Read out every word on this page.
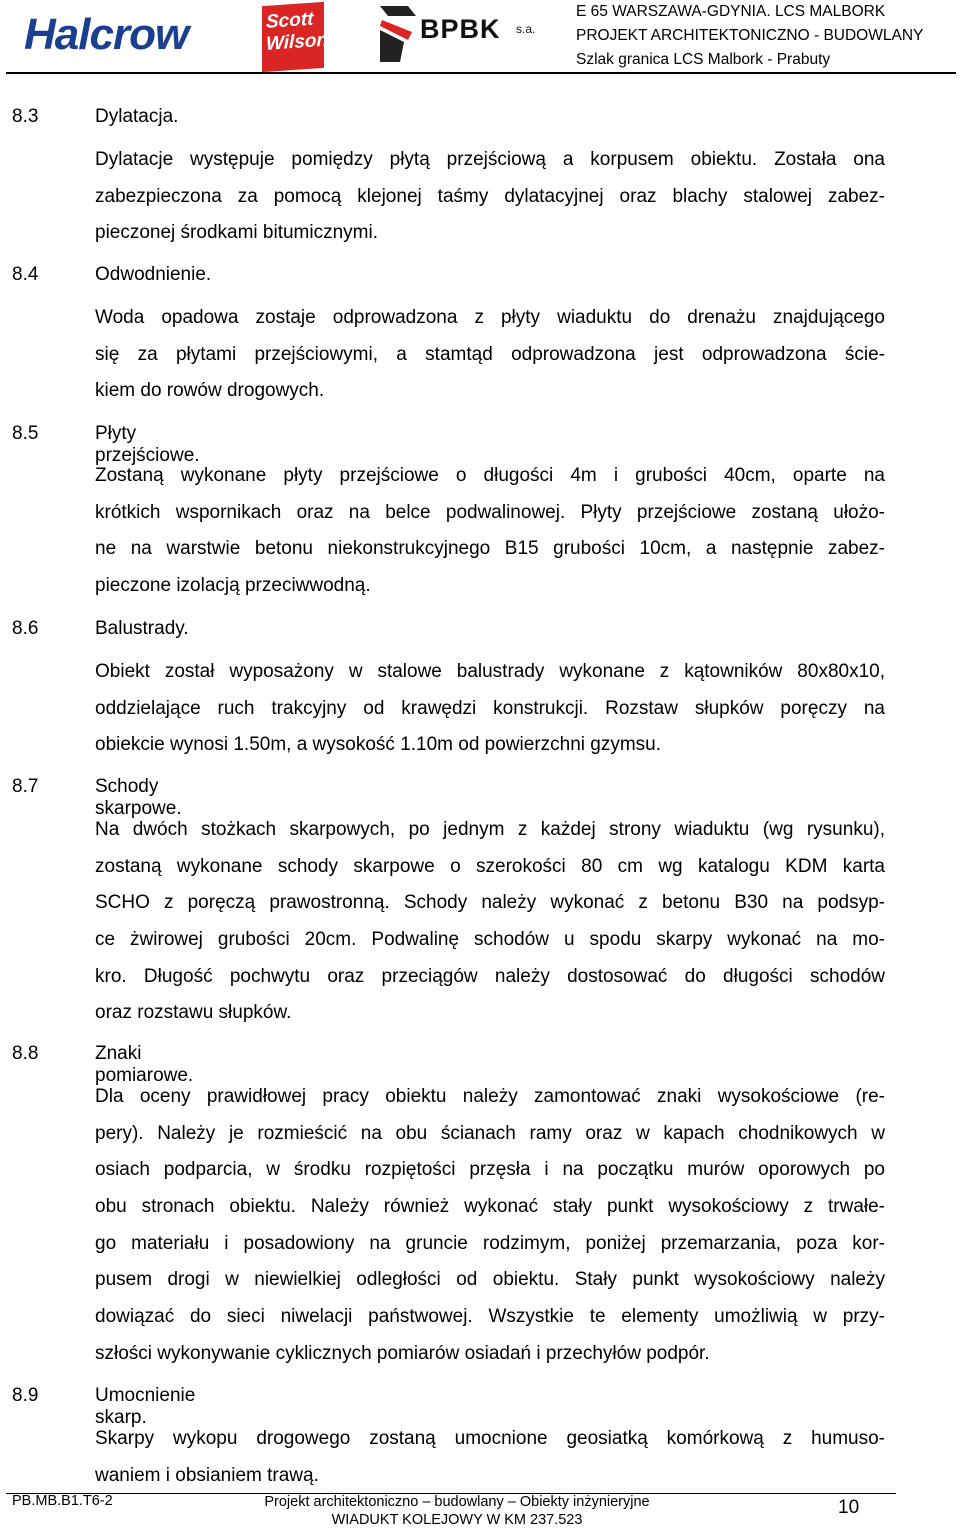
Halcrow	Scott
Wilson	BPBK s.a.
E 65 WARSZAWA-GDYNIA. LCS MALBORK
PROJEKT ARCHITEKTONICZNO - BUDOWLANY
Szlak granica LCS Malbork - Prabuty
8.3	Dylatacja.
Dylatacje występuje pomiędzy płytą przejściową a korpusem obiektu. Została ona
zabezpieczona za pomocą klejonej taśmy dylatacyjnej oraz blachy stalowej zabez-
pieczonej środkami bitumicznymi.
8.4	Odwodnienie.
Woda opadowa zostaje odprowadzona z płyty wiaduktu do drenażu znajdującego
się za płytami przejściowymi, a stamtąd odprowadzona jest odprowadzona ście-
kiem do rowów drogowych.
8.5	Płyty przejściowe.
Zostaną wykonane płyty przejściowe o długości 4m i grubości 40cm, oparte na
krótkich wspornikach oraz na belce podwalinowej. Płyty przejściowe zostaną ułożo-
ne na warstwie betonu niekonstrukcyjnego B15 grubości 10cm, a następnie zabez-
pieczone izolacją przeciwwodną.
8.6	Balustrady.
Obiekt został wyposażony w stalowe balustrady wykonane z kątowników 80x80x10,
oddzielające ruch trakcyjny od krawędzi konstrukcji. Rozstaw słupków poręczy na
obiekcie wynosi 1.50m, a wysokość 1.10m od powierzchni gzymsu.
8.7	Schody skarpowe.
Na dwóch stożkach skarpowych, po jednym z każdej strony wiaduktu (wg rysunku),
zostaną wykonane schody skarpowe o szerokości 80 cm wg katalogu KDM karta
SCHO z poręczą prawostronną. Schody należy wykonać z betonu B30 na podsyp-
ce żwirowej grubości 20cm. Podwalinę schodów u spodu skarpy wykonać na mo-
kro. Długość pochwytu oraz przeciągów należy dostosować do długości schodów
oraz rozstawu słupków.
8.8	Znaki pomiarowe.
Dla oceny prawidłowej pracy obiektu należy zamontować znaki wysokościowe (re-
pery). Należy je rozmieścić na obu ścianach ramy oraz w kapach chodnikowych w
osiach podparcia, w środku rozpiętości przęsła i na początku murów oporowych po
obu stronach obiektu. Należy również wykonać stały punkt wysokościowy z trwałe-
go materiału i posadowiony na gruncie rodzimym, poniżej przemarzania, poza kor-
pusem drogi w niewielkiej odległości od obiektu. Stały punkt wysokościowy należy
dowiązać do sieci niwelacji państwowej. Wszystkie te elementy umożliwią w przy-
szłości wykonywanie cyklicznych pomiarów osiadań i przechyłów podpór.
8.9	Umocnienie skarp.
Skarpy wykopu drogowego zostaną umocnione geosiatką komórkową z humuso-
waniem i obsianiem trawą.
PB.MB.B1.T6-2	Projekt architektoniczno – budowlany – Obiekty inżynieryjne
WIADUKT KOLEJOWY W KM 237.523
10
